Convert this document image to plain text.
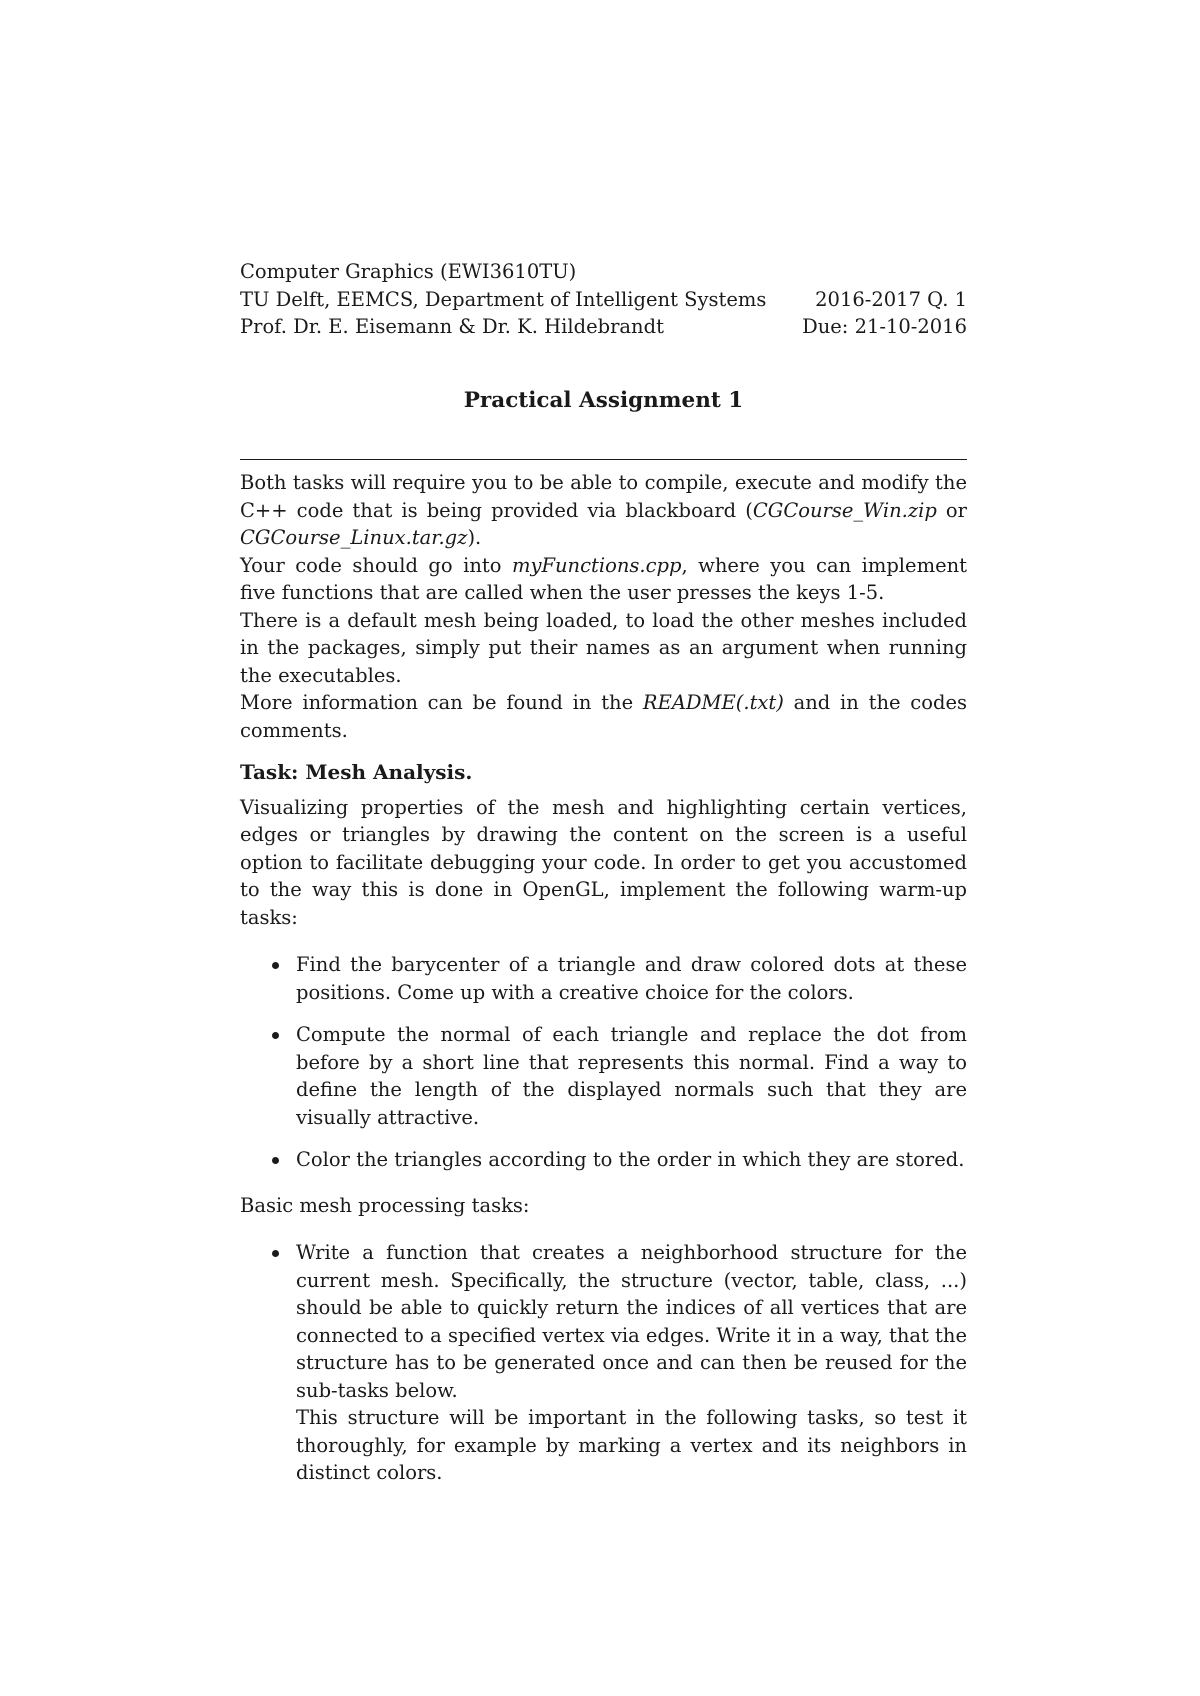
Computer Graphics (EWI3610TU)
TU Delft, EEMCS, Department of Intelligent Systems	2016-2017 Q. 1
Prof. Dr. E. Eisemann & Dr. K. Hildebrandt	Due: 21-10-2016
Practical Assignment 1

Both tasks will require you to be able to compile, execute and modify the C++ code that is being provided via blackboard (CGCourse_Win.zip or CGCourse_Linux.tar.gz).

Your code should go into myFunctions.cpp, where you can implement five functions that are called when the user presses the keys 1-5.

There is a default mesh being loaded, to load the other meshes included in the packages, simply put their names as an argument when running the executables.

More information can be found in the README(.txt) and in the codes comments.

Task: Mesh Analysis.

Visualizing properties of the mesh and highlighting certain vertices, edges or triangles by drawing the content on the screen is a useful option to facilitate debugging your code. In order to get you accustomed to the way this is done in OpenGL, implement the following warm-up tasks:

Find the barycenter of a triangle and draw colored dots at these positions. Come up with a creative choice for the colors.
Compute the normal of each triangle and replace the dot from before by a short line that represents this normal. Find a way to define the length of the displayed normals such that they are visually attractive.
Color the triangles according to the order in which they are stored.

Basic mesh processing tasks:

Write a function that creates a neighborhood structure for the current mesh. Specifically, the structure (vector, table, class, ...) should be able to quickly return the indices of all vertices that are connected to a specified vertex via edges. Write it in a way, that the structure has to be generated once and can then be reused for the sub-tasks below.
This structure will be important in the following tasks, so test it thoroughly, for example by marking a vertex and its neighbors in distinct colors.
